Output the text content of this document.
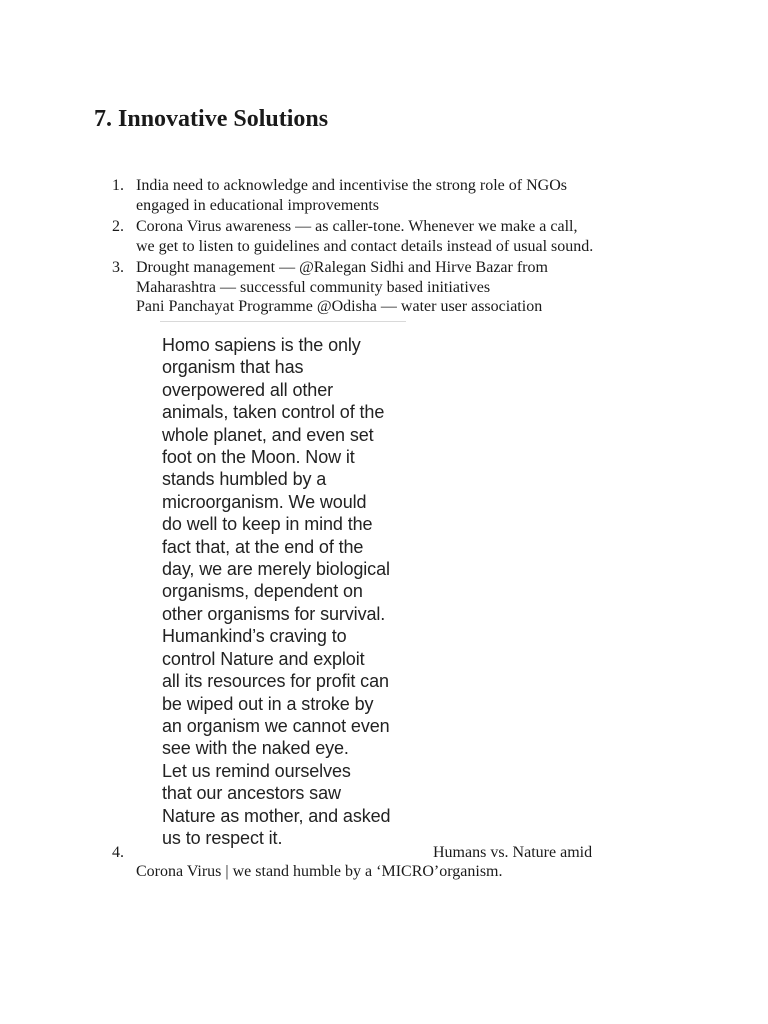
7. Innovative Solutions
1. India need to acknowledge and incentivise the strong role of NGOs
engaged in educational improvements
2. Corona Virus awareness — as caller-tone. Whenever we make a call,
we get to listen to guidelines and contact details instead of usual sound.
3. Drought management — @Ralegan Sidhi and Hirve Bazar from
Maharashtra — successful community based initiatives
Pani Panchayat Programme @Odisha — water user association
Homo sapiens is the only
organism that has
overpowered all other
animals, taken control of the
whole planet, and even set
foot on the Moon. Now it
stands humbled by a
microorganism. We would
do well to keep in mind the
fact that, at the end of the
day, we are merely biological
organisms, dependent on
other organisms for survival.
Humankind’s craving to
control Nature and exploit
all its resources for profit can
be wiped out in a stroke by
an organism we cannot even
see with the naked eye.
Let us remind ourselves
that our ancestors saw
Nature as mother, and asked
us to respect it.
4.	Humans vs. Nature amid
Corona Virus | we stand humble by a ‘MICRO’organism.
